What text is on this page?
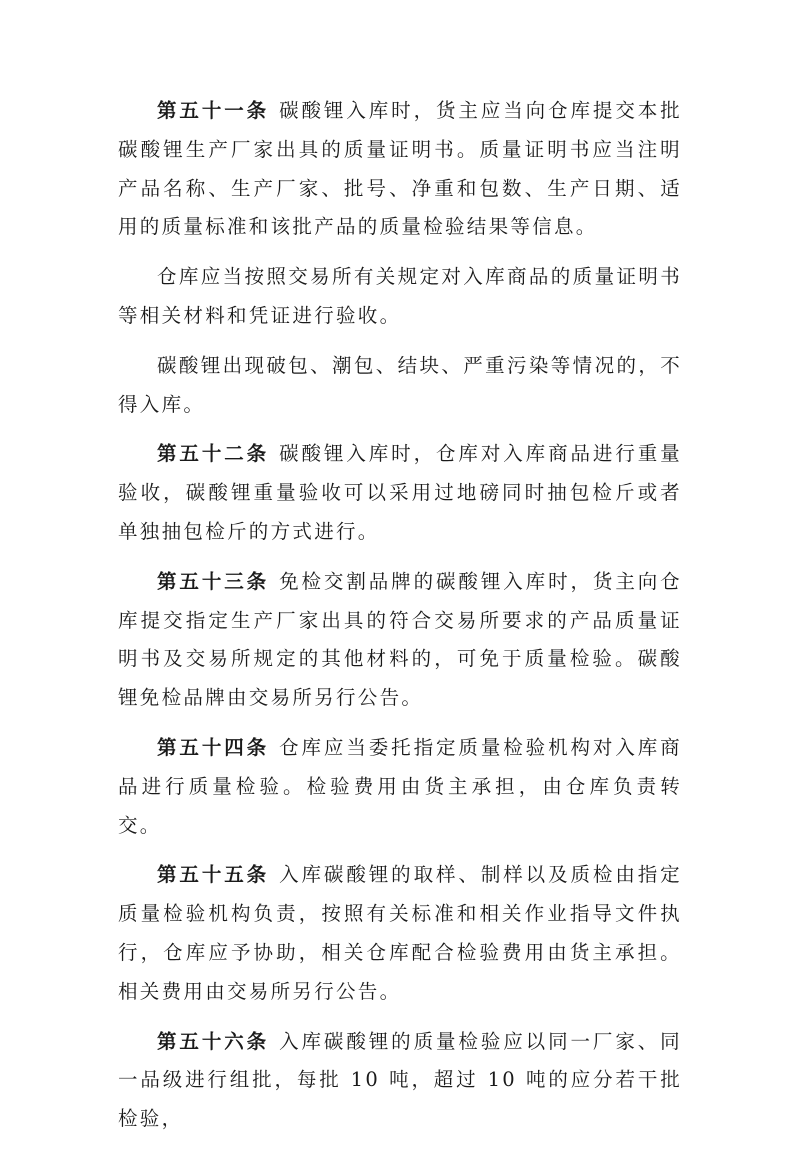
第五十一条 碳酸锂入库时，货主应当向仓库提交本批碳酸锂生产厂家出具的质量证明书。质量证明书应当注明产品名称、生产厂家、批号、净重和包数、生产日期、适用的质量标准和该批产品的质量检验结果等信息。

仓库应当按照交易所有关规定对入库商品的质量证明书等相关材料和凭证进行验收。

碳酸锂出现破包、潮包、结块、严重污染等情况的，不得入库。

第五十二条 碳酸锂入库时，仓库对入库商品进行重量验收，碳酸锂重量验收可以采用过地磅同时抽包检斤或者单独抽包检斤的方式进行。

第五十三条 免检交割品牌的碳酸锂入库时，货主向仓库提交指定生产厂家出具的符合交易所要求的产品质量证明书及交易所规定的其他材料的，可免于质量检验。碳酸锂免检品牌由交易所另行公告。

第五十四条 仓库应当委托指定质量检验机构对入库商品进行质量检验。检验费用由货主承担，由仓库负责转交。

第五十五条 入库碳酸锂的取样、制样以及质检由指定质量检验机构负责，按照有关标准和相关作业指导文件执行，仓库应予协助，相关仓库配合检验费用由货主承担。相关费用由交易所另行公告。

第五十六条 入库碳酸锂的质量检验应以同一厂家、同一品级进行组批，每批 10 吨，超过 10 吨的应分若干批检验，
